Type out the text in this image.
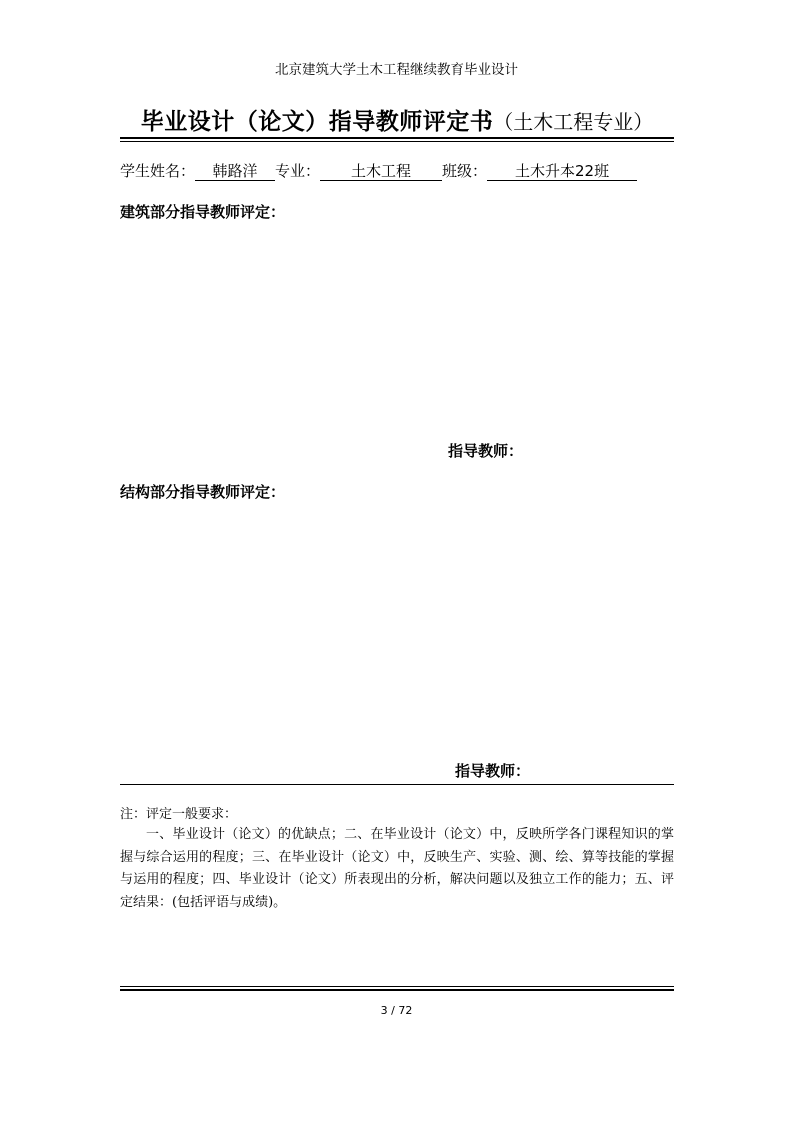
北京建筑大学土木工程继续教育毕业设计
毕业设计（论文）指导教师评定书（土木工程专业）
学生姓名： 韩路洋 专业： 土木工程 班级： 土木升本22班
建筑部分指导教师评定：
指导教师：
结构部分指导教师评定：
指导教师：
注：评定一般要求：
一、毕业设计（论文）的优缺点；二、在毕业设计（论文）中，反映所学各门课程知识的掌握与综合运用的程度；三、在毕业设计（论文）中，反映生产、实验、测、绘、算等技能的掌握与运用的程度；四、毕业设计（论文）所表现出的分析，解决问题以及独立工作的能力；五、评定结果：(包括评语与成绩)。
3 / 72
